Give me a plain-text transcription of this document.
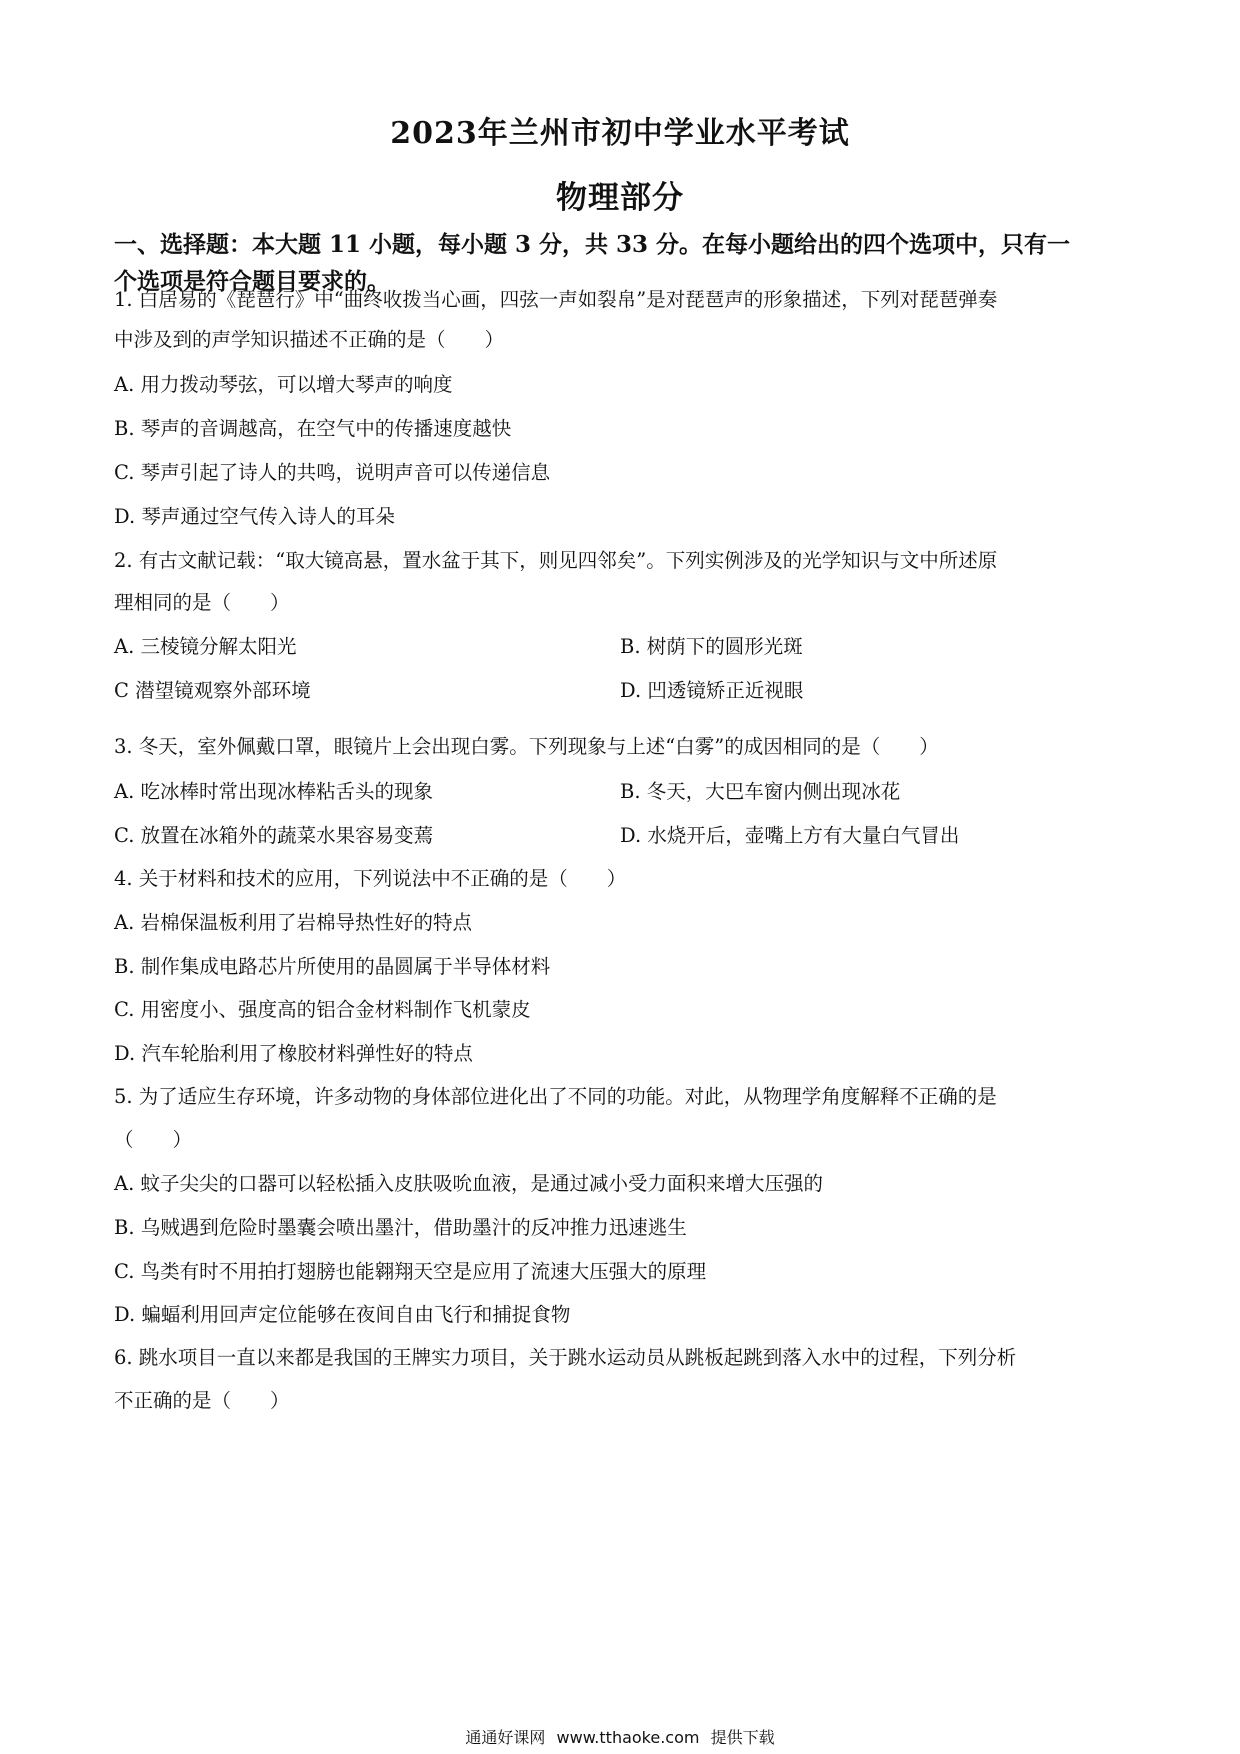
2023年兰州市初中学业水平考试
物理部分
一、选择题：本大题 11 小题，每小题 3 分，共 33 分。在每小题给出的四个选项中，只有一
个选项是符合题目要求的。
1. 白居易的《琵琶行》中“曲终收拨当心画，四弦一声如裂帛”是对琵琶声的形象描述，下列对琵琶弹奏
中涉及到的声学知识描述不正确的是（　　）
A. 用力拨动琴弦，可以增大琴声的响度
B. 琴声的音调越高，在空气中的传播速度越快
C. 琴声引起了诗人的共鸣，说明声音可以传递信息
D. 琴声通过空气传入诗人的耳朵
2. 有古文献记载：“取大镜高悬，置水盆于其下，则见四邻矣”。下列实例涉及的光学知识与文中所述原
理相同的是（　　）
A. 三棱镜分解太阳光	B. 树荫下的圆形光斑
C 潜望镜观察外部环境	D. 凹透镜矫正近视眼
3. 冬天，室外佩戴口罩，眼镜片上会出现白雾。下列现象与上述“白雾”的成因相同的是（　　）
A. 吃冰棒时常出现冰棒粘舌头的现象	B. 冬天，大巴车窗内侧出现冰花
C. 放置在冰箱外的蔬菜水果容易变蔫	D. 水烧开后，壶嘴上方有大量白气冒出
4. 关于材料和技术的应用，下列说法中不正确的是（　　）
A. 岩棉保温板利用了岩棉导热性好的特点
B. 制作集成电路芯片所使用的晶圆属于半导体材料
C. 用密度小、强度高的铝合金材料制作飞机蒙皮
D. 汽车轮胎利用了橡胶材料弹性好的特点
5. 为了适应生存环境，许多动物的身体部位进化出了不同的功能。对此，从物理学角度解释不正确的是
（　　）
A. 蚊子尖尖的口器可以轻松插入皮肤吸吮血液，是通过减小受力面积来增大压强的
B. 乌贼遇到危险时墨囊会喷出墨汁，借助墨汁的反冲推力迅速逃生
C. 鸟类有时不用拍打翅膀也能翱翔天空是应用了流速大压强大的原理
D. 蝙蝠利用回声定位能够在夜间自由飞行和捕捉食物
6. 跳水项目一直以来都是我国的王牌实力项目，关于跳水运动员从跳板起跳到落入水中的过程，下列分析
不正确的是（　　）
通通好课网 www.tthaoke.com 提供下载
